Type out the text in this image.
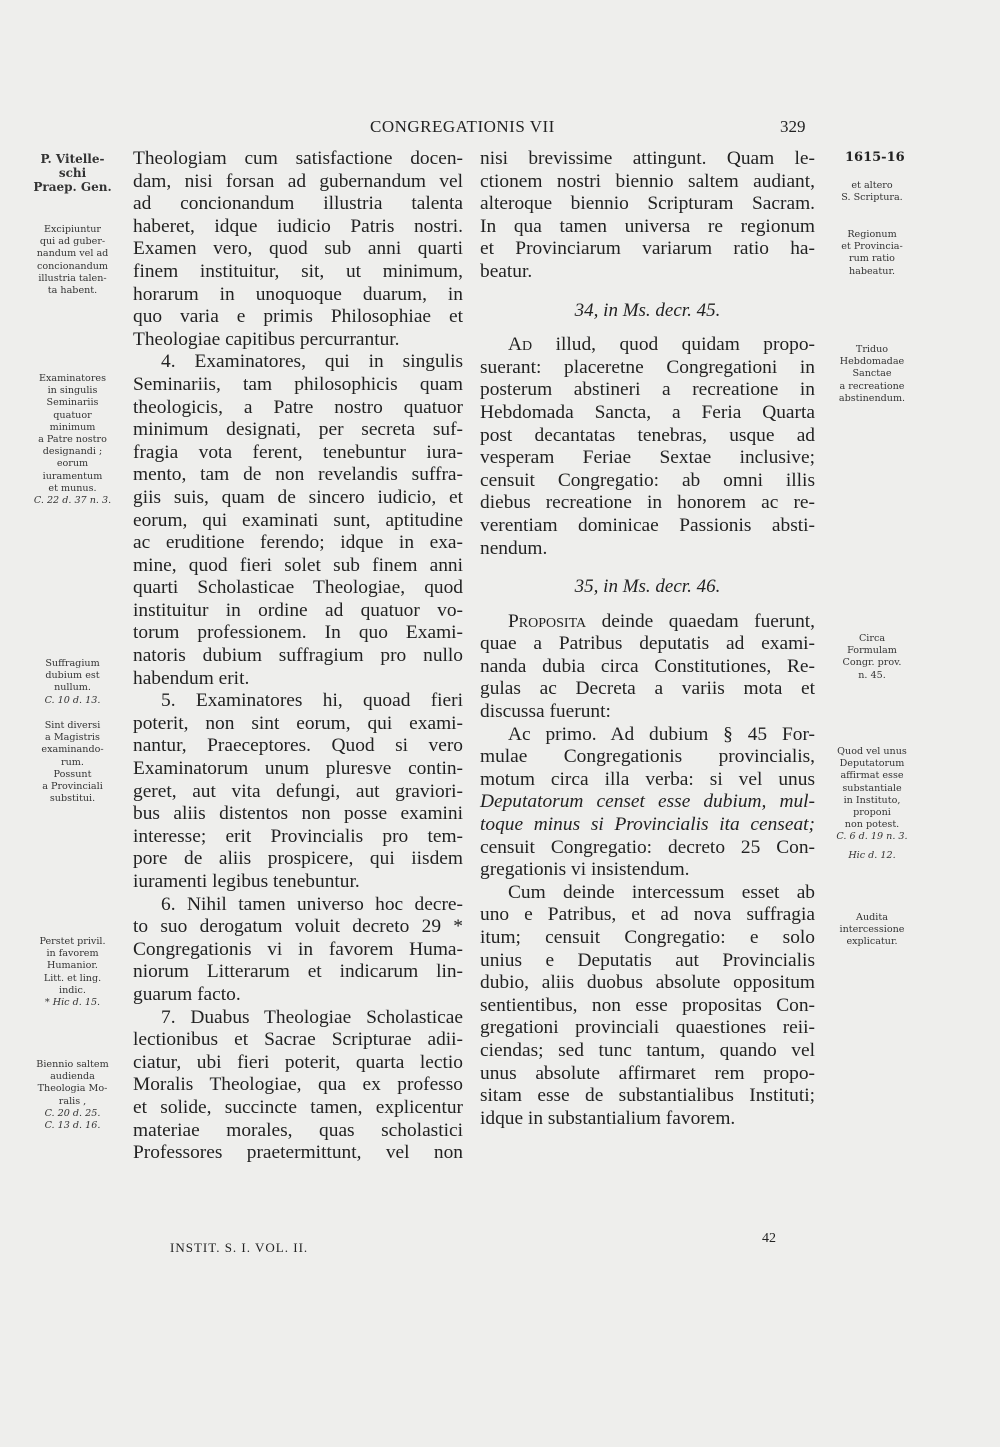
CONGREGATIONIS VII	329
P. Vitelle-
schi
Praep. Gen.
Excipiuntur
qui ad guber-
nandum vel ad
concionandum
illustria talen-
ta habent.
Examinatores
in singulis
Seminariis
quatuor
minimum
a Patre nostro
designandi ;
eorum
iuramentum
et munus.
C. 22 d. 37 n. 3.
Suffragium
dubium est
nullum.
C. 10 d. 13.
Sint diversi
a Magistris
examinando-
rum.
Possunt
a Provinciali
substitui.
Perstet privil.
in favorem
Humanior.
Litt. et ling.
indic.
* Hic d. 15.
Biennio saltem
audienda
Theologia Mo-
ralis ,
C. 20 d. 25.
C. 13 d. 16.
1615-16
et altero
S. Scriptura.
Regionum
et Provincia-
rum ratio
habeatur.
Triduo
Hebdomadae
Sanctae
a recreatione
abstinendum.
Circa
Formulam
Congr. prov.
n. 45.
Quod vel unus
Deputatorum
affirmat esse
substantiale
in Instituto,
proponi
non potest.
C. 6 d. 19 n. 3.
Hic d. 12.
Audita
intercessione
explicatur.
Theologiam cum satisfactione docen-
dam, nisi forsan ad gubernandum vel
ad concionandum illustria talenta
haberet, idque iudicio Patris nostri.
Examen vero, quod sub anni quarti
finem instituitur, sit, ut minimum,
horarum in unoquoque duarum, in
quo varia e primis Philosophiae et
Theologiae capitibus percurrantur.
4. Examinatores, qui in singulis
Seminariis, tam philosophicis quam
theologicis, a Patre nostro quatuor
minimum designati, per secreta suf-
fragia vota ferent, tenebuntur iura-
mento, tam de non revelandis suffra-
giis suis, quam de sincero iudicio, et
eorum, qui examinati sunt, aptitudine
ac eruditione ferendo; idque in exa-
mine, quod fieri solet sub finem anni
quarti Scholasticae Theologiae, quod
instituitur in ordine ad quatuor vo-
torum professionem. In quo Exami-
natoris dubium suffragium pro nullo
habendum erit.
5. Examinatores hi, quoad fieri
poterit, non sint eorum, qui exami-
nantur, Praeceptores. Quod si vero
Examinatorum unum pluresve contin-
geret, aut vita defungi, aut graviori-
bus aliis distentos non posse examini
interesse; erit Provincialis pro tem-
pore de aliis prospicere, qui iisdem
iuramenti legibus tenebuntur.
6. Nihil tamen universo hoc decre-
to suo derogatum voluit decreto 29 *
Congregationis vi in favorem Huma-
niorum Litterarum et indicarum lin-
guarum facto.
7. Duabus Theologiae Scholasticae
lectionibus et Sacrae Scripturae adii-
ciatur, ubi fieri poterit, quarta lectio
Moralis Theologiae, qua ex professo
et solide, succincte tamen, explicentur
materiae morales, quas scholastici
Professores praetermittunt, vel non
nisi brevissime attingunt. Quam le-
ctionem nostri biennio saltem audiant,
alteroque biennio Scripturam Sacram.
In qua tamen universa re regionum
et Provinciarum variarum ratio ha-
beatur.
34, in Ms. decr. 45.
Ad illud, quod quidam propo-
suerant: placeretne Congregationi in
posterum abstineri a recreatione in
Hebdomada Sancta, a Feria Quarta
post decantatas tenebras, usque ad
vesperam Feriae Sextae inclusive;
censuit Congregatio: ab omni illis
diebus recreatione in honorem ac re-
verentiam dominicae Passionis absti-
nendum.
35, in Ms. decr. 46.
Proposita deinde quaedam fuerunt,
quae a Patribus deputatis ad exami-
nanda dubia circa Constitutiones, Re-
gulas ac Decreta a variis mota et
discussa fuerunt:
Ac primo. Ad dubium § 45 For-
mulae Congregationis provincialis,
motum circa illa verba: si vel unus
Deputatorum censet esse dubium, mul-
toque minus si Provincialis ita censeat;
censuit Congregatio: decreto 25 Con-
gregationis vi insistendum.
Cum deinde intercessum esset ab
uno e Patribus, et ad nova suffragia
itum; censuit Congregatio: e solo
unius e Deputatis aut Provincialis
dubio, aliis duobus absolute oppositum
sentientibus, non esse propositas Con-
gregationi provinciali quaestiones reii-
ciendas; sed tunc tantum, quando vel
unus absolute affirmaret rem propo-
sitam esse de substantialibus Instituti;
idque in substantialium favorem.
INSTIT. S. I. VOL. II.
42
